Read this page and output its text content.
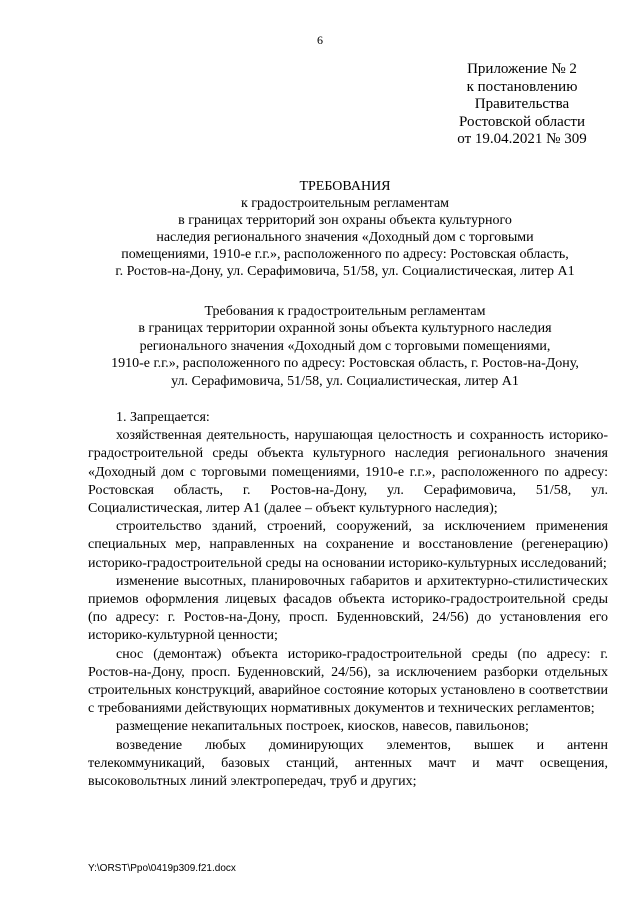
6
Приложение № 2
к постановлению
Правительства
Ростовской области
от 19.04.2021 № 309
ТРЕБОВАНИЯ
к градостроительным регламентам
в границах территорий зон охраны объекта культурного
наследия регионального значения «Доходный дом с торговыми
помещениями, 1910-е г.г.», расположенного по адресу: Ростовская область,
г. Ростов-на-Дону, ул. Серафимовича, 51/58, ул. Социалистическая, литер А1
Требования к градостроительным регламентам
в границах территории охранной зоны объекта культурного наследия
регионального значения «Доходный дом с торговыми помещениями,
1910-е г.г.», расположенного по адресу: Ростовская область, г. Ростов-на-Дону,
ул. Серафимовича, 51/58, ул. Социалистическая, литер А1

1. Запрещается:

хозяйственная деятельность, нарушающая целостность и сохранность историко-градостроительной среды объекта культурного наследия регионального значения «Доходный дом с торговыми помещениями, 1910-е г.г.», расположенного по адресу: Ростовская область, г. Ростов-на-Дону, ул. Серафимовича, 51/58, ул. Социалистическая, литер А1 (далее – объект культурного наследия);

строительство зданий, строений, сооружений, за исключением применения специальных мер, направленных на сохранение и восстановление (регенерацию) историко-градостроительной среды на основании историко-культурных исследований;

изменение высотных, планировочных габаритов и архитектурно-стилистических приемов оформления лицевых фасадов объекта историко-градостроительной среды (по адресу: г. Ростов-на-Дону, просп. Буденновский, 24/56) до установления его историко-культурной ценности;

снос (демонтаж) объекта историко-градостроительной среды (по адресу: г. Ростов-на-Дону, просп. Буденновский, 24/56), за исключением разборки отдельных строительных конструкций, аварийное состояние которых установлено в соответствии с требованиями действующих нормативных документов и технических регламентов;

размещение некапитальных построек, киосков, навесов, павильонов;

возведение любых доминирующих элементов, вышек и антенн телекоммуникаций, базовых станций, антенных мачт и мачт освещения, высоковольтных линий электропередач, труб и других;

Y:\ORST\Ppo\0419p309.f21.docx
